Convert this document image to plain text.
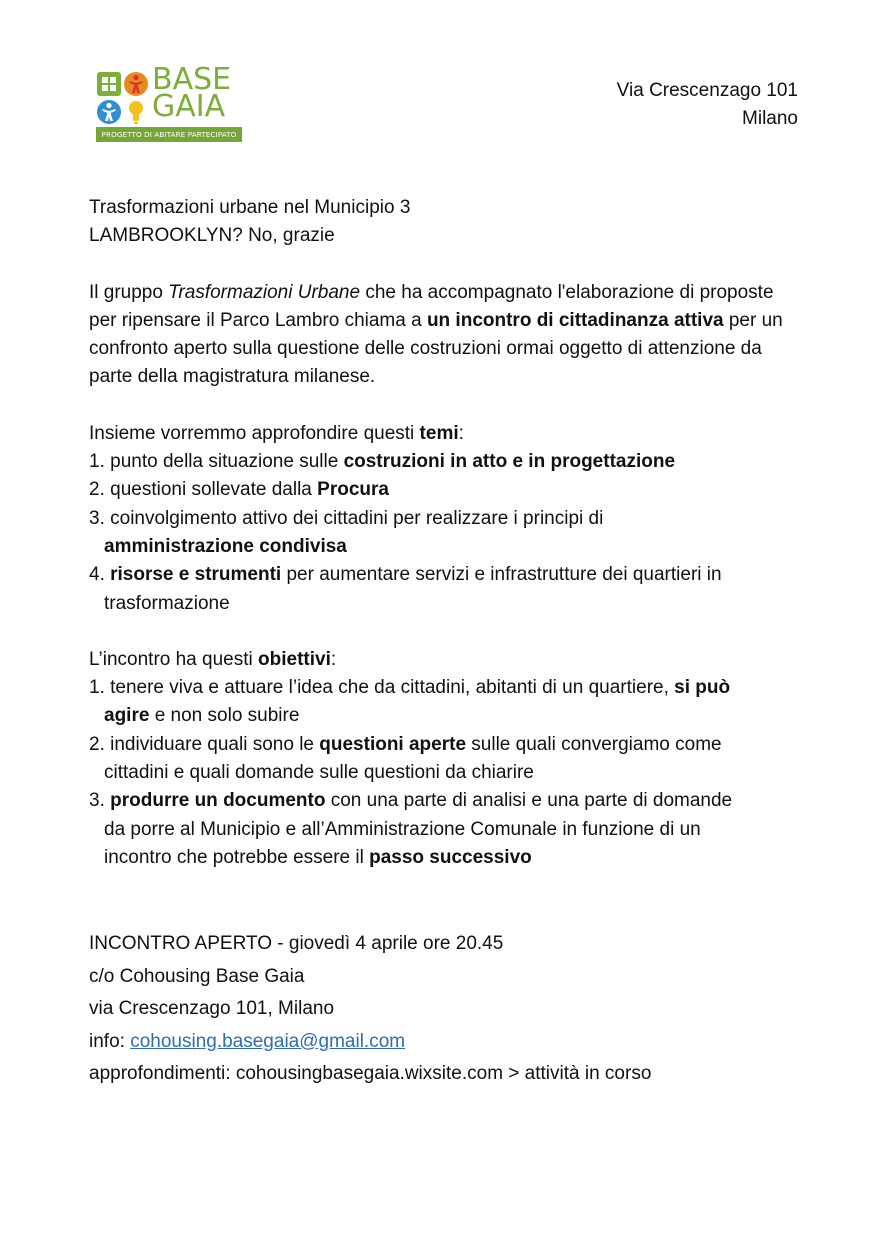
BASE
GAIA
PROGETTO DI ABITARE PARTECIPATO
Via Crescenzago 101
Milano

Trasformazioni urbane nel Municipio 3

LAMBROOKLYN? No, grazie

Il gruppo Trasformazioni Urbane che ha accompagnato l'elaborazione di proposte per ripensare il Parco Lambro chiama a un incontro di cittadinanza attiva per un confronto aperto sulla questione delle costruzioni ormai oggetto di attenzione da parte della magistratura milanese.

Insieme vorremmo approfondire questi temi:

1. punto della situazione sulle costruzioni in atto e in progettazione

2. questioni sollevate dalla Procura

3. coinvolgimento attivo dei cittadini per realizzare i principi di

amministrazione condivisa

4. risorse e strumenti per aumentare servizi e infrastrutture dei quartieri in

trasformazione

L’incontro ha questi obiettivi:

1. tenere viva e attuare l’idea che da cittadini, abitanti di un quartiere, si può

agire e non solo subire

2. individuare quali sono le questioni aperte sulle quali convergiamo come

cittadini e quali domande sulle questioni da chiarire

3. produrre un documento con una parte di analisi e una parte di domande

da porre al Municipio e all’Amministrazione Comunale in funzione di un

incontro che potrebbe essere il passo successivo

INCONTRO APERTO - giovedì 4 aprile ore 20.45

c/o Cohousing Base Gaia

via Crescenzago 101, Milano

info: cohousing.basegaia@gmail.com

approfondimenti: cohousingbasegaia.wixsite.com > attività in corso
